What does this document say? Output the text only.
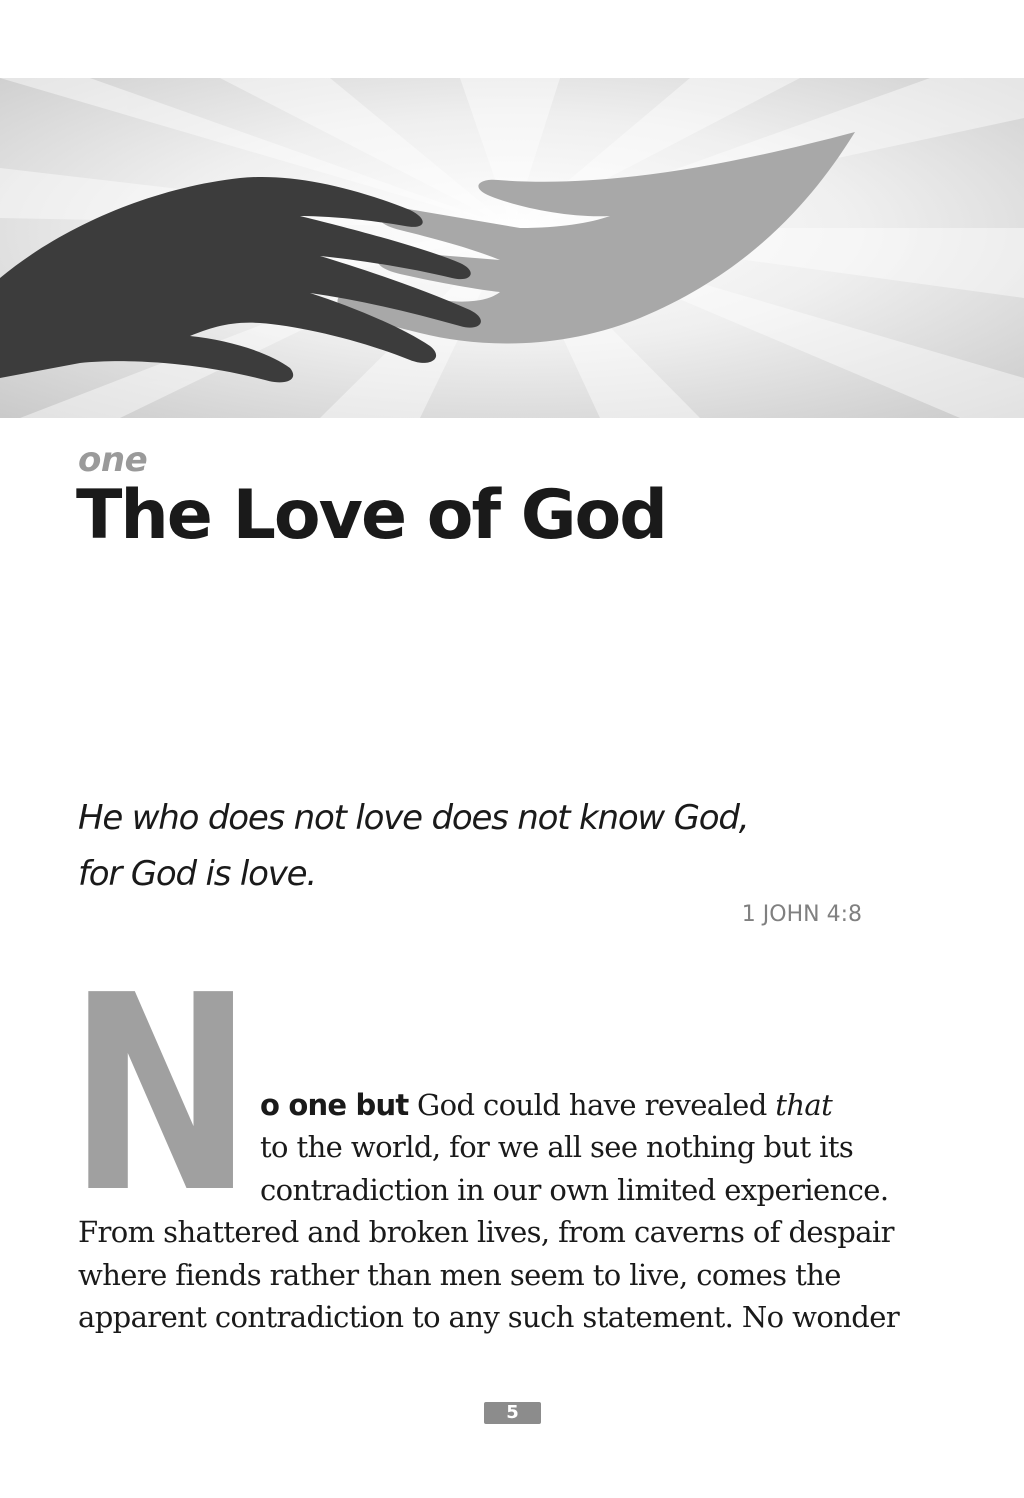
one
The Love of God
He who does not love does not know God,
for God is love.
1 JOHN 4:8
N o one but God could have revealed that
to the world, for we all see nothing but its
contradiction in our own limited experience.
From shattered and broken lives, from caverns of despair
where fiends rather than men seem to live, comes the
apparent contradiction to any such statement. No wonder
5
